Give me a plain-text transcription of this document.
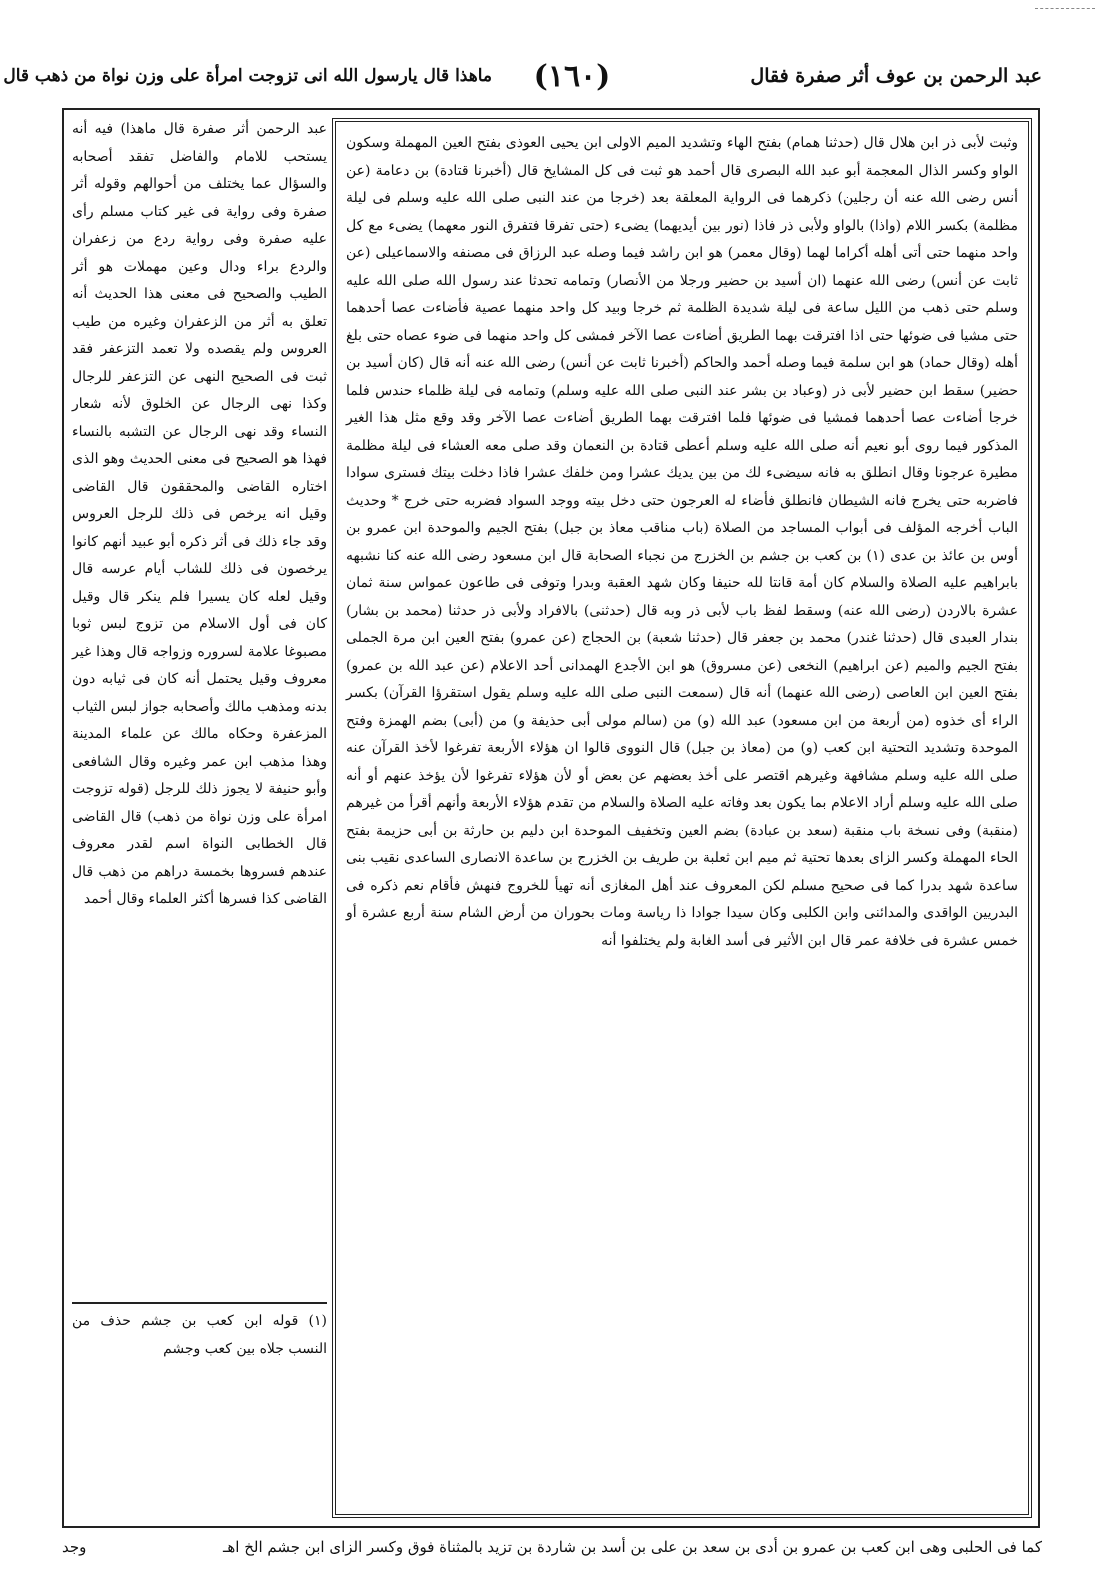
عبد الرحمن بن عوف أثر صفرة فقال
(١٦٠)
ماهذا قال يارسول الله انى تزوجت امرأة على وزن نواة من ذهب قال
وثبت لأبى ذر ابن هلال قال (حدثنا همام) بفتح الهاء وتشديد الميم الاولى ابن يحيى العوذى بفتح العين المهملة وسكون الواو وكسر الذال المعجمة أبو عبد الله البصرى قال أحمد هو ثبت فى كل المشايخ قال (أخبرنا قتادة) بن دعامة (عن أنس رضى الله عنه أن رجلين) ذكرهما فى الرواية المعلقة بعد (خرجا من عند النبى صلى الله عليه وسلم فى ليلة مظلمة) بكسر اللام (واذا) بالواو ولأبى ذر فاذا (نور بين أيديهما) يضىء (حتى تفرقا فتفرق النور معهما) يضىء مع كل واحد منهما حتى أتى أهله أكراما لهما (وقال معمر) هو ابن راشد فيما وصله عبد الرزاق فى مصنفه والاسماعيلى (عن ثابت عن أنس) رضى الله عنهما (ان أسيد بن حضير ورجلا من الأنصار) وتمامه تحدثا عند رسول الله صلى الله عليه وسلم حتى ذهب من الليل ساعة فى ليلة شديدة الظلمة ثم خرجا وبيد كل واحد منهما عصية فأضاءت عصا أحدهما حتى مشيا فى ضوئها حتى اذا افترقت بهما الطريق أضاءت عصا الآخر فمشى كل واحد منهما فى ضوء عصاه حتى بلغ أهله (وقال حماد) هو ابن سلمة فيما وصله أحمد والحاكم (أخبرنا ثابت عن أنس) رضى الله عنه أنه قال (كان أسيد بن حضير) سقط ابن حضير لأبى ذر (وعباد بن بشر عند النبى صلى الله عليه وسلم) وتمامه فى ليلة ظلماء حندس فلما خرجا أضاءت عصا أحدهما فمشيا فى ضوئها فلما افترقت بهما الطريق أضاءت عصا الآخر وقد وقع مثل هذا الغير المذكور فيما روى أبو نعيم أنه صلى الله عليه وسلم أعطى قتادة بن النعمان وقد صلى معه العشاء فى ليلة مظلمة مطيرة عرجونا وقال انطلق به فانه سيضىء لك من بين يديك عشرا ومن خلفك عشرا فاذا دخلت بيتك فسترى سوادا فاضربه حتى يخرج فانه الشيطان فانطلق فأضاء له العرجون حتى دخل بيته ووجد السواد فضربه حتى خرج * وحديث الباب أخرجه المؤلف فى أبواب المساجد من الصلاة (باب مناقب معاذ بن جبل) بفتح الجيم والموحدة ابن عمرو بن أوس بن عائذ بن عدى (١) بن كعب بن جشم بن الخزرج من نجباء الصحابة قال ابن مسعود رضى الله عنه كنا نشبهه بابراهيم عليه الصلاة والسلام كان أمة قانتا لله حنيفا وكان شهد العقبة وبدرا وتوفى فى طاعون عمواس سنة ثمان عشرة بالاردن (رضى الله عنه) وسقط لفظ باب لأبى ذر وبه قال (حدثنى) بالافراد ولأبى ذر حدثنا (محمد بن بشار) بندار العبدى قال (حدثنا غندر) محمد بن جعفر قال (حدثنا شعبة) بن الحجاج (عن عمرو) بفتح العين ابن مرة الجملى بفتح الجيم والميم (عن ابراهيم) النخعى (عن مسروق) هو ابن الأجدع الهمدانى أحد الاعلام (عن عبد الله بن عمرو) بفتح العين ابن العاصى (رضى الله عنهما) أنه قال (سمعت النبى صلى الله عليه وسلم يقول استقرؤا القرآن) بكسر الراء أى خذوه (من أربعة من ابن مسعود) عبد الله (و) من (سالم مولى أبى حذيفة و) من (أبى) بضم الهمزة وفتح الموحدة وتشديد التحتية ابن كعب (و) من (معاذ بن جبل) قال النووى قالوا ان هؤلاء الأربعة تفرغوا لأخذ القرآن عنه صلى الله عليه وسلم مشافهة وغيرهم اقتصر على أخذ بعضهم عن بعض أو لأن هؤلاء تفرغوا لأن يؤخذ عنهم أو أنه صلى الله عليه وسلم أراد الاعلام بما يكون بعد وفاته عليه الصلاة والسلام من تقدم هؤلاء الأربعة وأنهم أقرأ من غيرهم (منقبة) وفى نسخة باب منقبة (سعد بن عبادة) بضم العين وتخفيف الموحدة ابن دليم بن حارثة بن أبى حزيمة بفتح الحاء المهملة وكسر الزاى بعدها تحتية ثم ميم ابن ثعلبة بن طريف بن الخزرج بن ساعدة الانصارى الساعدى نقيب بنى ساعدة شهد بدرا كما فى صحيح مسلم لكن المعروف عند أهل المغازى أنه تهيأ للخروج فنهش فأقام نعم ذكره فى البدريين الواقدى والمدائنى وابن الكلبى وكان سيدا جوادا ذا رياسة ومات بحوران من أرض الشام سنة أربع عشرة أو خمس عشرة فى خلافة عمر قال ابن الأثير فى أسد الغابة ولم يختلفوا أنه
عبد الرحمن أثر صفرة قال ماهذا) فيه أنه يستحب للامام والفاضل تفقد أصحابه والسؤال عما يختلف من أحوالهم وقوله أثر صفرة وفى رواية فى غير كتاب مسلم رأى عليه صفرة وفى رواية ردع من زعفران والردع براء ودال وعين مهملات هو أثر الطيب والصحيح فى معنى هذا الحديث أنه تعلق به أثر من الزعفران وغيره من طيب العروس ولم يقصده ولا تعمد التزعفر فقد ثبت فى الصحيح النهى عن التزعفر للرجال وكذا نهى الرجال عن الخلوق لأنه شعار النساء وقد نهى الرجال عن التشبه بالنساء فهذا هو الصحيح فى معنى الحديث وهو الذى اختاره القاضى والمحققون قال القاضى وقيل انه يرخص فى ذلك للرجل العروس وقد جاء ذلك فى أثر ذكره أبو عبيد أنهم كانوا يرخصون فى ذلك للشاب أيام عرسه قال وقيل لعله كان يسيرا فلم ينكر قال وقيل كان فى أول الاسلام من تزوج لبس ثوبا مصبوغا علامة لسروره وزواجه قال وهذا غير معروف وقيل يحتمل أنه كان فى ثيابه دون بدنه ومذهب مالك وأصحابه جواز لبس الثياب المزعفرة وحكاه مالك عن علماء المدينة وهذا مذهب ابن عمر وغيره وقال الشافعى وأبو حنيفة لا يجوز ذلك للرجل (قوله تزوجت امرأة على وزن نواة من ذهب) قال القاضى قال الخطابى النواة اسم لقدر معروف عندهم فسروها بخمسة دراهم من ذهب قال القاضى كذا فسرها أكثر العلماء وقال أحمد
(١) قوله ابن كعب بن جشم حذف من النسب جلاه بين كعب وجشم
كما فى الحلبى وهى ابن كعب بن عمرو بن أدى بن سعد بن على بن أسد بن شاردة بن تزيد بالمثناة فوق وكسر الزاى ابن جشم الخ اهـ
وجد
